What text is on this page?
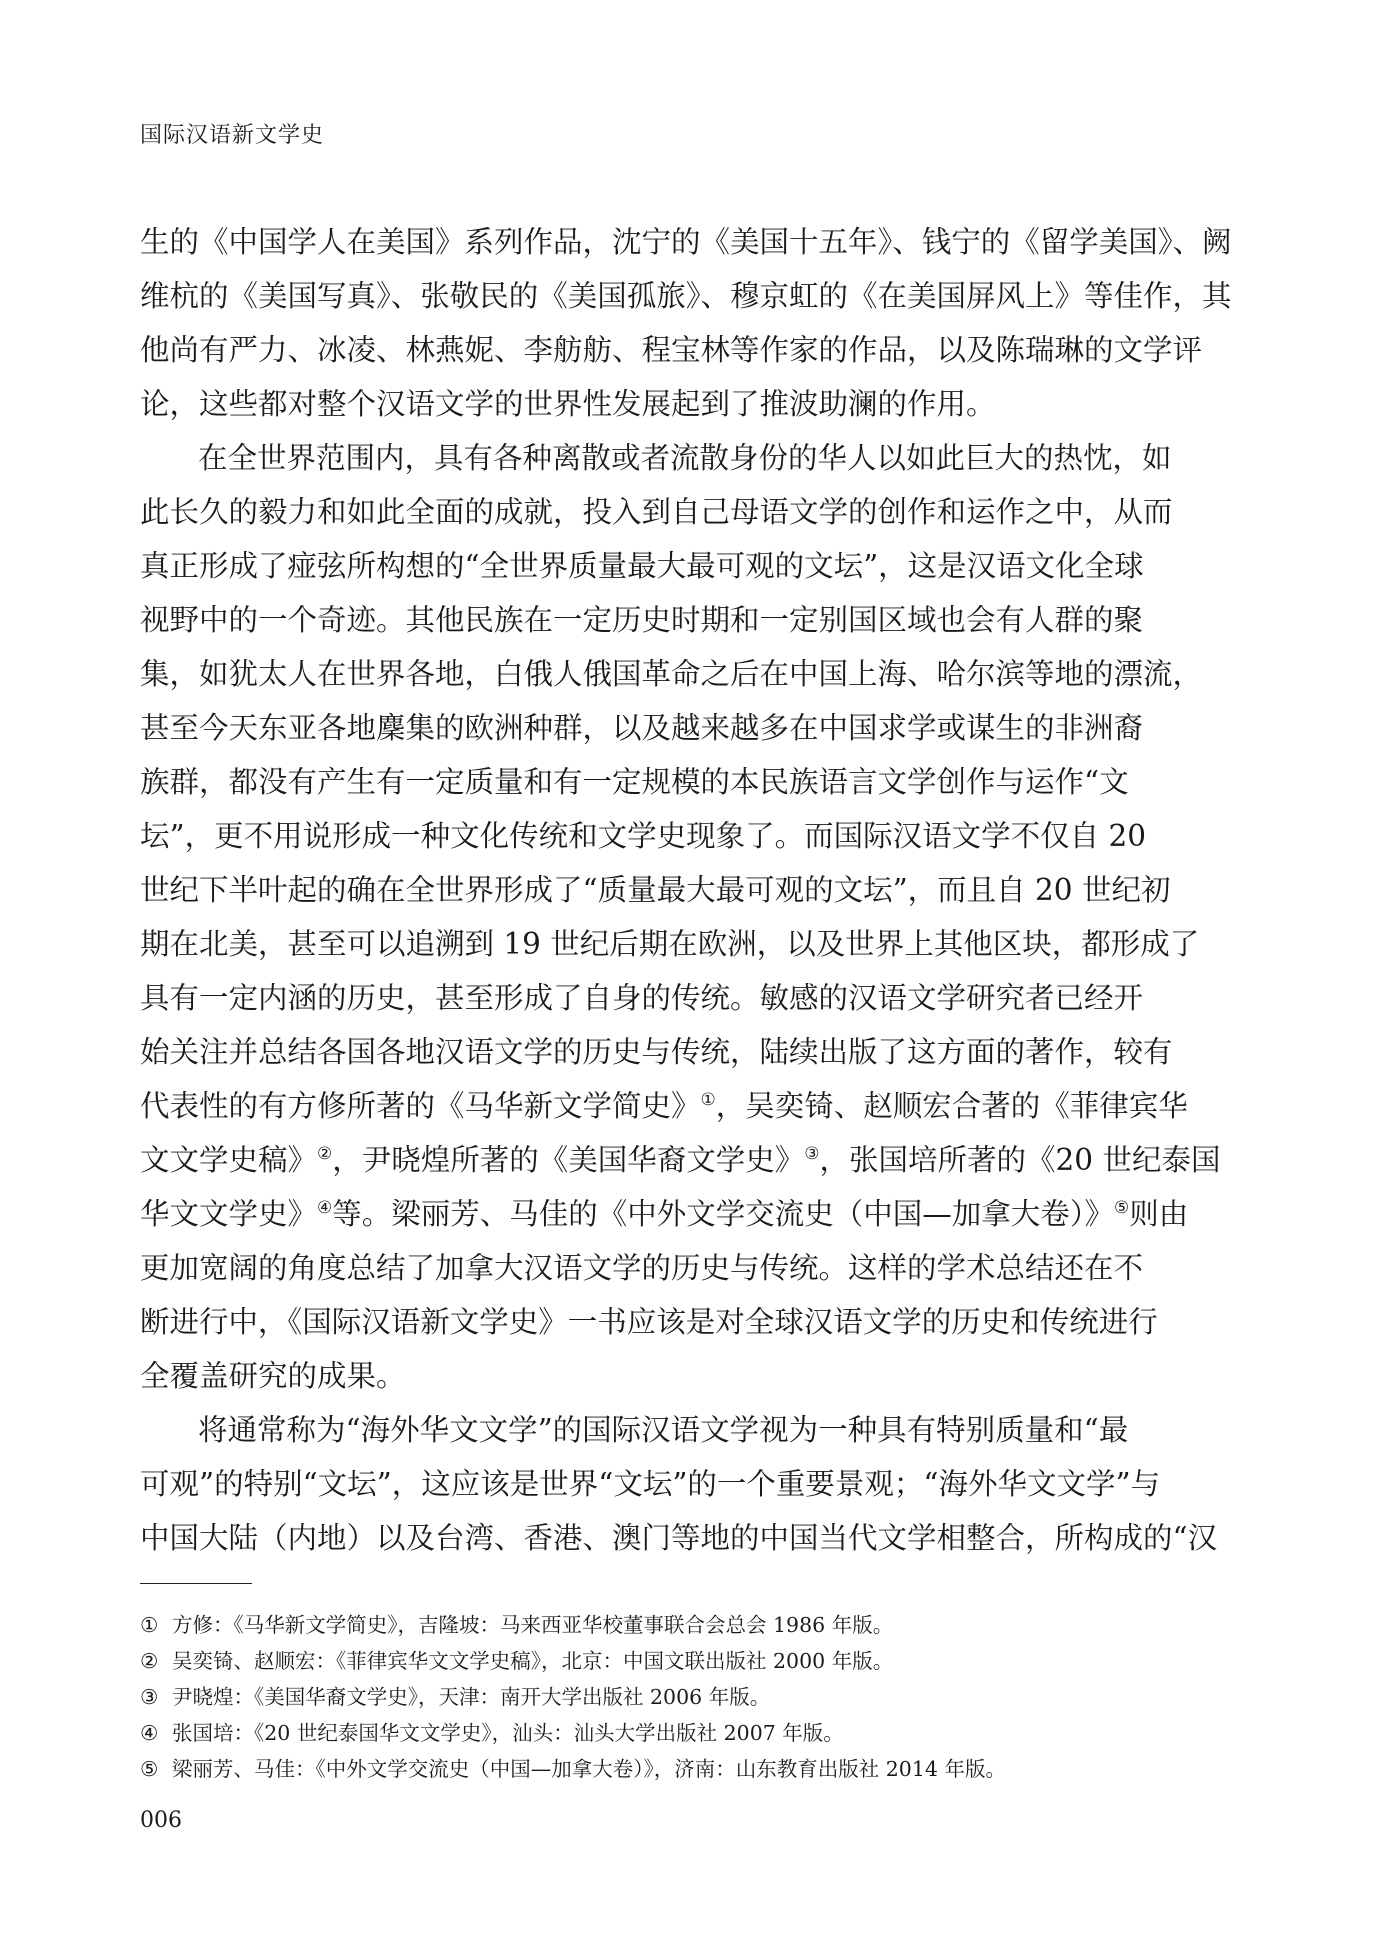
国际汉语新文学史
生的《中国学人在美国》系列作品，沈宁的《美国十五年》、钱宁的《留学美国》、阙
维杭的《美国写真》、张敬民的《美国孤旅》、穆京虹的《在美国屏风上》等佳作，其
他尚有严力、冰凌、林燕妮、李舫舫、程宝林等作家的作品，以及陈瑞琳的文学评
论，这些都对整个汉语文学的世界性发展起到了推波助澜的作用。
在全世界范围内，具有各种离散或者流散身份的华人以如此巨大的热忱，如
此长久的毅力和如此全面的成就，投入到自己母语文学的创作和运作之中，从而
真正形成了痖弦所构想的“全世界质量最大最可观的文坛”，这是汉语文化全球
视野中的一个奇迹。其他民族在一定历史时期和一定别国区域也会有人群的聚
集，如犹太人在世界各地，白俄人俄国革命之后在中国上海、哈尔滨等地的漂流，
甚至今天东亚各地麇集的欧洲种群，以及越来越多在中国求学或谋生的非洲裔
族群，都没有产生有一定质量和有一定规模的本民族语言文学创作与运作“文
坛”，更不用说形成一种文化传统和文学史现象了。而国际汉语文学不仅自 20
世纪下半叶起的确在全世界形成了“质量最大最可观的文坛”，而且自 20 世纪初
期在北美，甚至可以追溯到 19 世纪后期在欧洲，以及世界上其他区块，都形成了
具有一定内涵的历史，甚至形成了自身的传统。敏感的汉语文学研究者已经开
始关注并总结各国各地汉语文学的历史与传统，陆续出版了这方面的著作，较有
代表性的有方修所著的《马华新文学简史》①，吴奕锜、赵顺宏合著的《菲律宾华
文文学史稿》②，尹晓煌所著的《美国华裔文学史》③，张国培所著的《20 世纪泰国
华文文学史》④等。梁丽芳、马佳的《中外文学交流史（中国—加拿大卷）》⑤则由
更加宽阔的角度总结了加拿大汉语文学的历史与传统。这样的学术总结还在不
断进行中，《国际汉语新文学史》一书应该是对全球汉语文学的历史和传统进行
全覆盖研究的成果。
将通常称为“海外华文文学”的国际汉语文学视为一种具有特别质量和“最
可观”的特别“文坛”，这应该是世界“文坛”的一个重要景观；“海外华文文学”与
中国大陆（内地）以及台湾、香港、澳门等地的中国当代文学相整合，所构成的“汉
① 方修：《马华新文学简史》，吉隆坡：马来西亚华校董事联合会总会 1986 年版。
② 吴奕锜、赵顺宏：《菲律宾华文文学史稿》，北京：中国文联出版社 2000 年版。
③ 尹晓煌：《美国华裔文学史》，天津：南开大学出版社 2006 年版。
④ 张国培：《20 世纪泰国华文文学史》，汕头：汕头大学出版社 2007 年版。
⑤ 梁丽芳、马佳：《中外文学交流史（中国—加拿大卷）》，济南：山东教育出版社 2014 年版。
006
